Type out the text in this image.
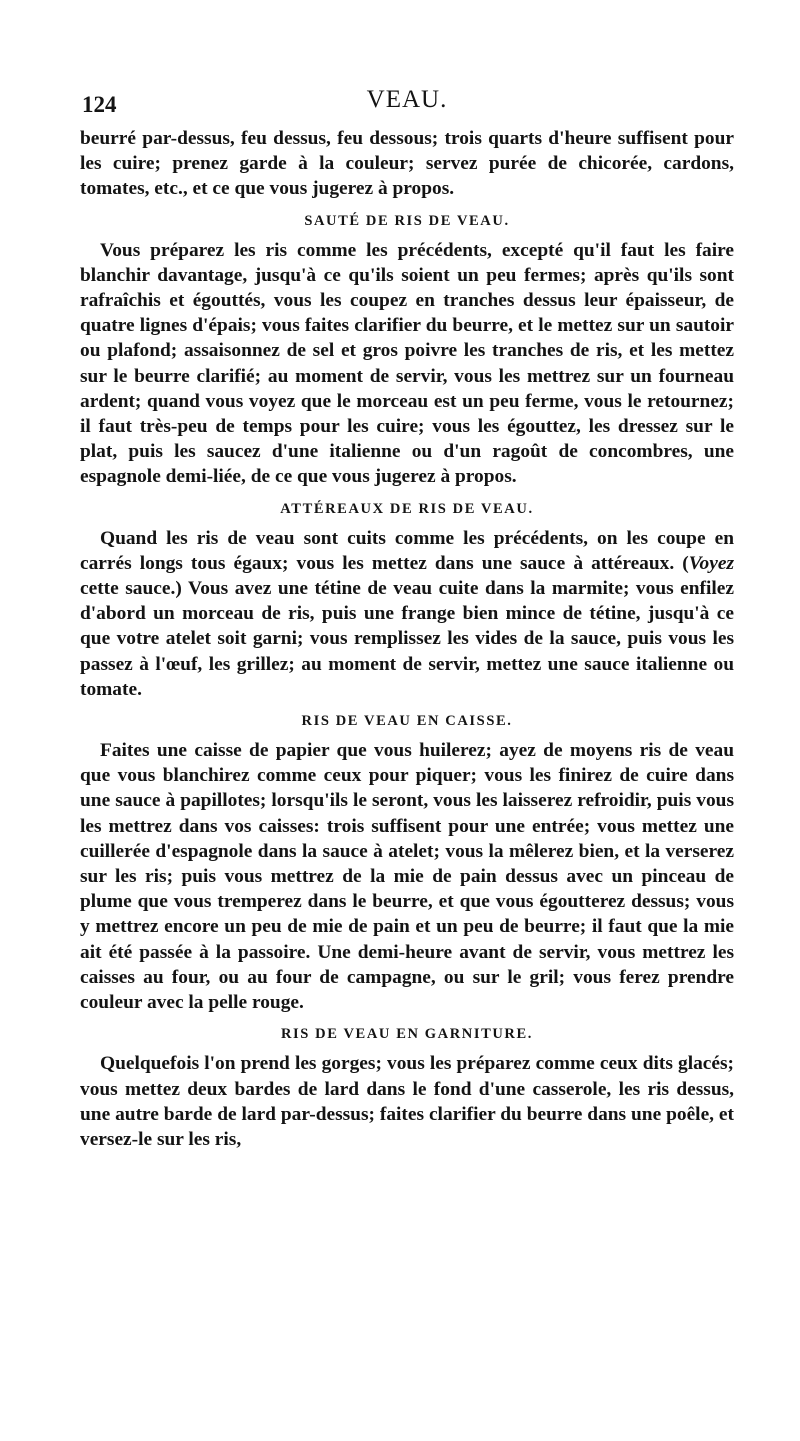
124	VEAU.

beurré par-dessus, feu dessus, feu dessous; trois quarts d'heure suffisent pour les cuire; prenez garde à la couleur; servez purée de chicorée, cardons, tomates, etc., et ce que vous jugerez à propos.

SAUTÉ DE RIS DE VEAU.

Vous préparez les ris comme les précédents, excepté qu'il faut les faire blanchir davantage, jusqu'à ce qu'ils soient un peu fermes; après qu'ils sont rafraîchis et égouttés, vous les coupez en tranches dessus leur épaisseur, de quatre lignes d'épais; vous faites clarifier du beurre, et le mettez sur un sautoir ou plafond; assaisonnez de sel et gros poivre les tranches de ris, et les mettez sur le beurre clarifié; au moment de servir, vous les mettrez sur un fourneau ardent; quand vous voyez que le morceau est un peu ferme, vous le retournez; il faut très-peu de temps pour les cuire; vous les égouttez, les dressez sur le plat, puis les saucez d'une italienne ou d'un ragoût de concombres, une espagnole demi-liée, de ce que vous jugerez à propos.

ATTÉREAUX DE RIS DE VEAU.

Quand les ris de veau sont cuits comme les précédents, on les coupe en carrés longs tous égaux; vous les mettez dans une sauce à attéreaux. (Voyez cette sauce.) Vous avez une tétine de veau cuite dans la marmite; vous enfilez d'abord un morceau de ris, puis une frange bien mince de tétine, jusqu'à ce que votre atelet soit garni; vous remplissez les vides de la sauce, puis vous les passez à l'œuf, les grillez; au moment de servir, mettez une sauce italienne ou tomate.

RIS DE VEAU EN CAISSE.

Faites une caisse de papier que vous huilerez; ayez de moyens ris de veau que vous blanchirez comme ceux pour piquer; vous les finirez de cuire dans une sauce à papillotes; lorsqu'ils le seront, vous les laisserez refroidir, puis vous les mettrez dans vos caisses: trois suffisent pour une entrée; vous mettez une cuillerée d'espagnole dans la sauce à atelet; vous la mêlerez bien, et la verserez sur les ris; puis vous mettrez de la mie de pain dessus avec un pinceau de plume que vous tremperez dans le beurre, et que vous égoutterez dessus; vous y mettrez encore un peu de mie de pain et un peu de beurre; il faut que la mie ait été passée à la passoire. Une demi-heure avant de servir, vous mettrez les caisses au four, ou au four de campagne, ou sur le gril; vous ferez prendre couleur avec la pelle rouge.

RIS DE VEAU EN GARNITURE.

Quelquefois l'on prend les gorges; vous les préparez comme ceux dits glacés; vous mettez deux bardes de lard dans le fond d'une casserole, les ris dessus, une autre barde de lard par-dessus; faites clarifier du beurre dans une poêle, et versez-le sur les ris,
